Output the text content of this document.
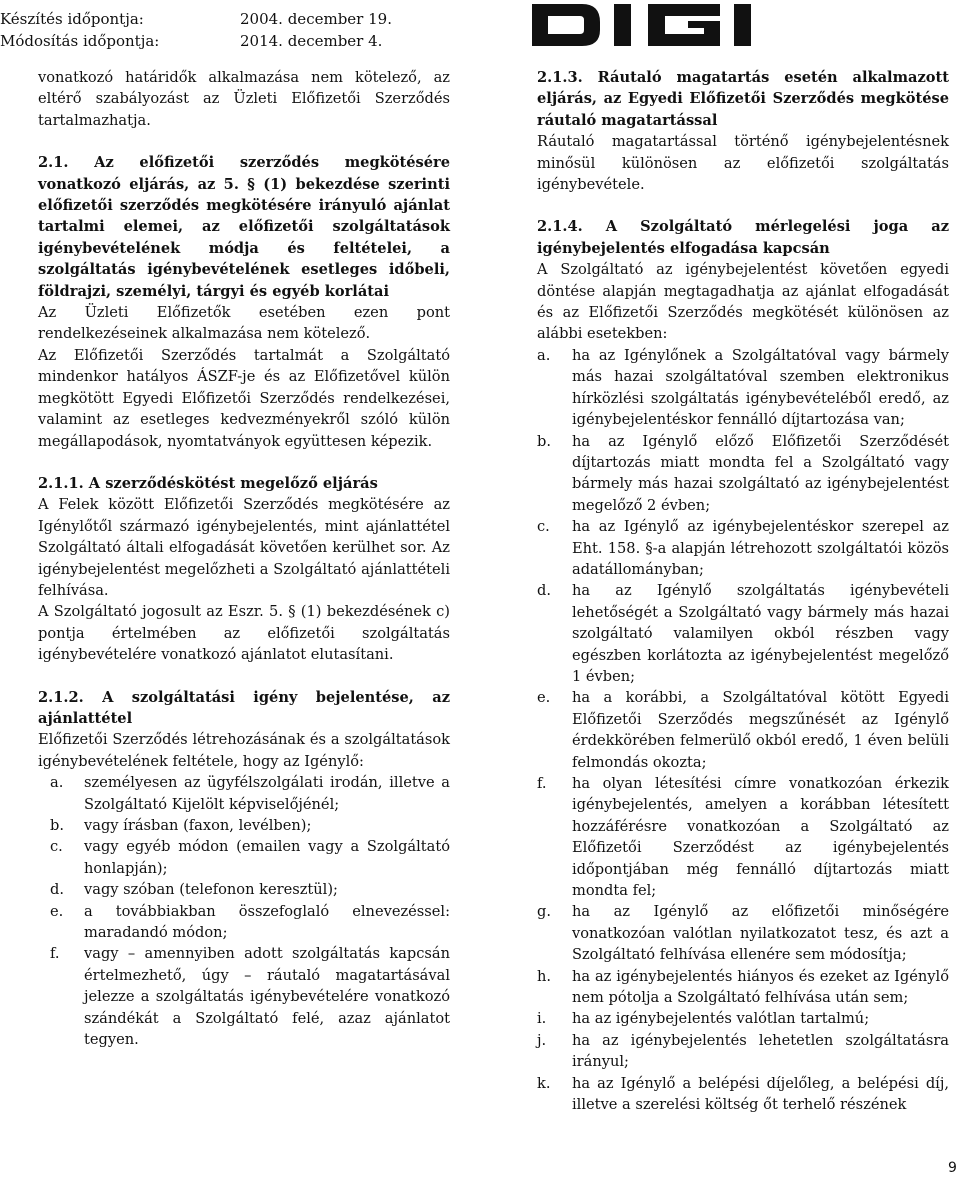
Készítés időpontja:	2004. december 19.
Módosítás időpontja:	2014. december 4.

vonatkozó határidők alkalmazása nem kötelező, az eltérő szabályozást az Üzleti Előfizetői Szerződés tartalmazhatja.

2.1. Az előfizetői szerződés megkötésére vonatkozó eljárás, az 5. § (1) bekezdése szerinti előfizetői szerződés megkötésére irányuló ajánlat tartalmi elemei, az előfizetői szolgáltatások igénybevételének módja és feltételei, a szolgáltatás igénybevételének esetleges időbeli, földrajzi, személyi, tárgyi és egyéb korlátai

Az Üzleti Előfizetők esetében ezen pont rendelkezéseinek alkalmazása nem kötelező.

Az Előfizetői Szerződés tartalmát a Szolgáltató mindenkor hatályos ÁSZF-je és az Előfizetővel külön megkötött Egyedi Előfizetői Szerződés rendelkezései, valamint az esetleges kedvezményekről szóló külön megállapodások, nyomtatványok együttesen képezik.

2.1.1. A szerződéskötést megelőző eljárás

A Felek között Előfizetői Szerződés megkötésére az Igénylőtől származó igénybejelentés, mint ajánlattétel Szolgáltató általi elfogadását követően kerülhet sor. Az igénybejelentést megelőzheti a Szolgáltató ajánlattételi felhívása.

A Szolgáltató jogosult az Eszr. 5. § (1) bekezdésének c) pontja értelmében az előfizetői szolgáltatás igénybevételére vonatkozó ajánlatot elutasítani.

2.1.2. A szolgáltatási igény bejelentése, az ajánlattétel

Előfizetői Szerződés létrehozásának és a szolgáltatások igénybevételének feltétele, hogy az Igénylő:

a.	személyesen az ügyfélszolgálati irodán, illetve a Szolgáltató Kijelölt képviselőjénél;
b.	vagy írásban (faxon, levélben);
c.	vagy egyéb módon (emailen vagy a Szolgáltató honlapján);
d.	vagy szóban (telefonon keresztül);
e.	a továbbiakban összefoglaló elnevezéssel: maradandó módon;
f.	vagy – amennyiben adott szolgáltatás kapcsán értelmezhető, úgy – ráutaló magatartásával jelezze a szolgáltatás igénybevételére vonatkozó szándékát a Szolgáltató felé, azaz ajánlatot tegyen.

2.1.3. Ráutaló magatartás esetén alkalmazott eljárás, az Egyedi Előfizetői Szerződés megkötése ráutaló magatartással

Ráutaló magatartással történő igénybejelentésnek minősül különösen az előfizetői szolgáltatás igénybevétele.

2.1.4. A Szolgáltató mérlegelési joga az igénybejelentés elfogadása kapcsán

A Szolgáltató az igénybejelentést követően egyedi döntése alapján megtagadhatja az ajánlat elfogadását és az Előfizetői Szerződés megkötését különösen az alábbi esetekben:

a.	ha az Igénylőnek a Szolgáltatóval vagy bármely más hazai szolgáltatóval szemben elektronikus hírközlési szolgáltatás igénybevételéből eredő, az igénybejelentéskor fennálló díjtartozása van;
b.	ha az Igénylő előző Előfizetői Szerződését díjtartozás miatt mondta fel a Szolgáltató vagy bármely más hazai szolgáltató az igénybejelentést megelőző 2 évben;
c.	ha az Igénylő az igénybejelentéskor szerepel az Eht. 158. §-a alapján létrehozott szolgáltatói közös adatállományban;
d.	ha az Igénylő szolgáltatás igénybevételi lehetőségét a Szolgáltató vagy bármely más hazai szolgáltató valamilyen okból részben vagy egészben korlátozta az igénybejelentést megelőző 1 évben;
e.	ha a korábbi, a Szolgáltatóval kötött Egyedi Előfizetői Szerződés megszűnését az Igénylő érdekkörében felmerülő okból eredő, 1 éven belüli felmondás okozta;
f.	ha olyan létesítési címre vonatkozóan érkezik igénybejelentés, amelyen a korábban létesített hozzáférésre vonatkozóan a Szolgáltató az Előfizetői Szerződést az igénybejelentés időpontjában még fennálló díjtartozás miatt mondta fel;
g.	ha az Igénylő az előfizetői minőségére vonatkozóan valótlan nyilatkozatot tesz, és azt a Szolgáltató felhívása ellenére sem módosítja;
h.	ha az igénybejelentés hiányos és ezeket az Igénylő nem pótolja a Szolgáltató felhívása után sem;
i.	ha az igénybejelentés valótlan tartalmú;
j.	ha az igénybejelentés lehetetlen szolgáltatásra irányul;
k.	ha az Igénylő a belépési díjelőleg, a belépési díj, illetve a szerelési költség őt terhelő részének
9
